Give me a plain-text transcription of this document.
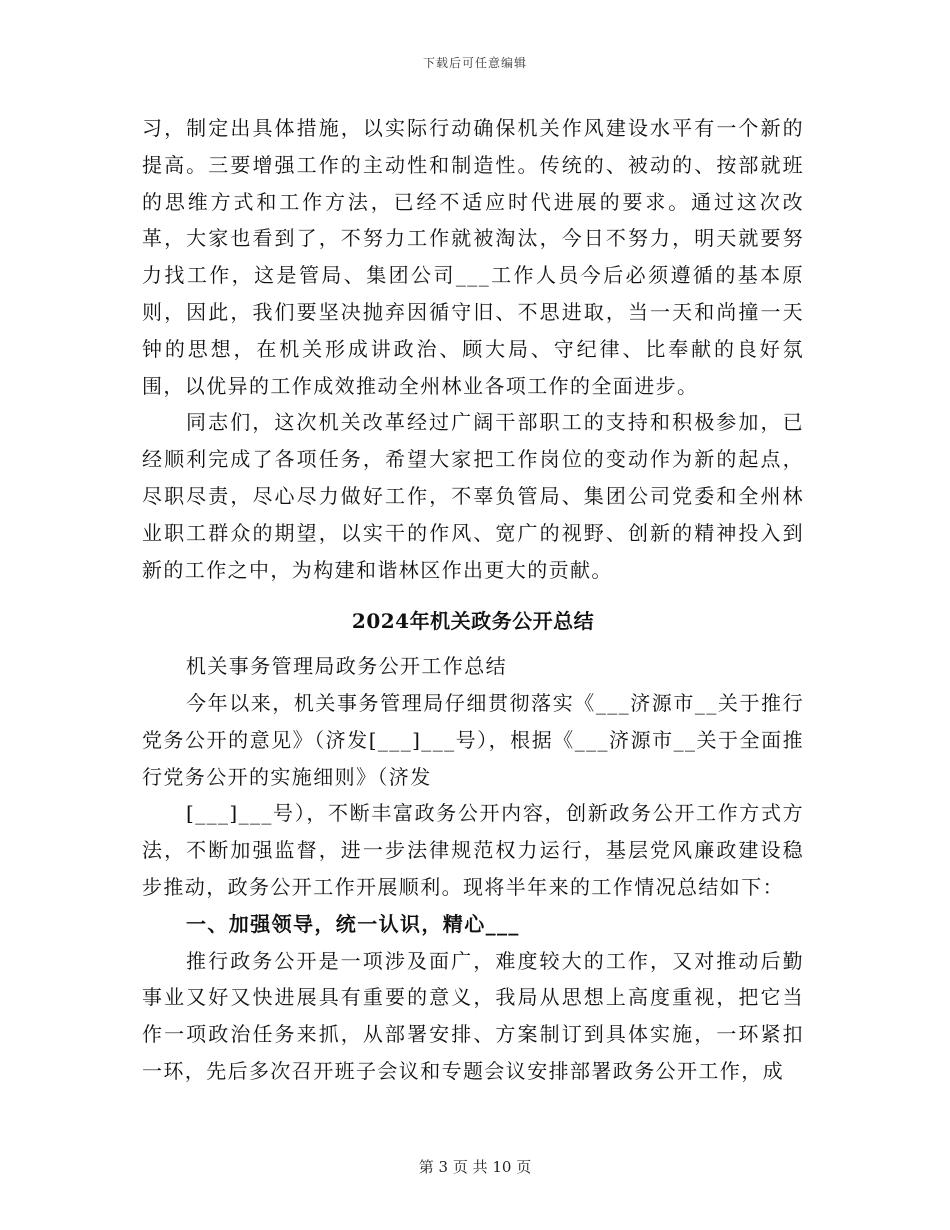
下载后可任意编辑

习，制定出具体措施，以实际行动确保机关作风建设水平有一个新的提高。三要增强工作的主动性和制造性。传统的、被动的、按部就班的思维方式和工作方法，已经不适应时代进展的要求。通过这次改革，大家也看到了，不努力工作就被淘汰，今日不努力，明天就要努力找工作，这是管局、集团公司___工作人员今后必须遵循的基本原则，因此，我们要坚决抛弃因循守旧、不思进取，当一天和尚撞一天钟的思想，在机关形成讲政治、顾大局、守纪律、比奉献的良好氛围，以优异的工作成效推动全州林业各项工作的全面进步。

同志们，这次机关改革经过广阔干部职工的支持和积极参加，已经顺利完成了各项任务，希望大家把工作岗位的变动作为新的起点，尽职尽责，尽心尽力做好工作，不辜负管局、集团公司党委和全州林业职工群众的期望，以实干的作风、宽广的视野、创新的精神投入到新的工作之中，为构建和谐林区作出更大的贡献。

2024年机关政务公开总结

机关事务管理局政务公开工作总结

今年以来，机关事务管理局仔细贯彻落实《___济源市__关于推行党务公开的意见》（济发[___]___号），根据《___济源市__关于全面推行党务公开的实施细则》（济发

[___]___号），不断丰富政务公开内容，创新政务公开工作方式方法，不断加强监督，进一步法律规范权力运行，基层党风廉政建设稳步推动，政务公开工作开展顺利。现将半年来的工作情况总结如下：

一、加强领导，统一认识，精心___

推行政务公开是一项涉及面广，难度较大的工作，又对推动后勤事业又好又快进展具有重要的意义，我局从思想上高度重视，把它当作一项政治任务来抓，从部署安排、方案制订到具体实施，一环紧扣一环，先后多次召开班子会议和专题会议安排部署政务公开工作，成

第 3 页 共 10 页
